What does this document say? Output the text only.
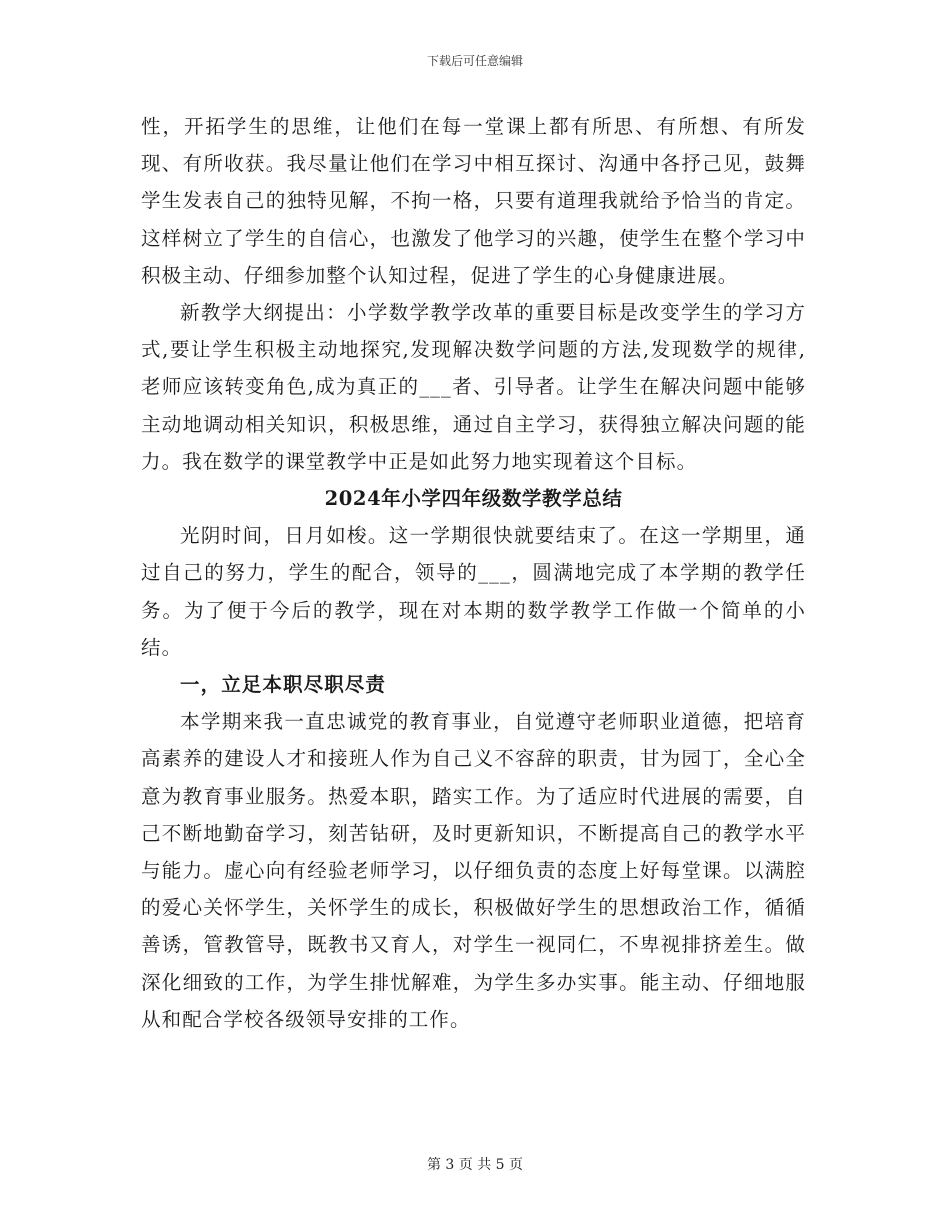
下载后可任意编辑

性，开拓学生的思维，让他们在每一堂课上都有所思、有所想、有所发现、有所收获。我尽量让他们在学习中相互探讨、沟通中各抒己见，鼓舞学生发表自己的独特见解，不拘一格，只要有道理我就给予恰当的肯定。这样树立了学生的自信心，也激发了他学习的兴趣，使学生在整个学习中积极主动、仔细参加整个认知过程，促进了学生的心身健康进展。

新教学大纲提出：小学数学教学改革的重要目标是改变学生的学习方式,要让学生积极主动地探究,发现解决数学问题的方法,发现数学的规律,老师应该转变角色,成为真正的___者、引导者。让学生在解决问题中能够主动地调动相关知识，积极思维，通过自主学习，获得独立解决问题的能力。我在数学的课堂教学中正是如此努力地实现着这个目标。

2024年小学四年级数学教学总结

光阴时间，日月如梭。这一学期很快就要结束了。在这一学期里，通过自己的努力，学生的配合，领导的___，圆满地完成了本学期的教学任务。为了便于今后的教学，现在对本期的数学教学工作做一个简单的小结。

一，立足本职尽职尽责

本学期来我一直忠诚党的教育事业，自觉遵守老师职业道德，把培育高素养的建设人才和接班人作为自己义不容辞的职责，甘为园丁，全心全意为教育事业服务。热爱本职，踏实工作。为了适应时代进展的需要，自己不断地勤奋学习，刻苦钻研，及时更新知识，不断提高自己的教学水平与能力。虚心向有经验老师学习，以仔细负责的态度上好每堂课。以满腔的爱心关怀学生，关怀学生的成长，积极做好学生的思想政治工作，循循善诱，管教管导，既教书又育人，对学生一视同仁，不卑视排挤差生。做深化细致的工作，为学生排忧解难，为学生多办实事。能主动、仔细地服从和配合学校各级领导安排的工作。

第 3 页 共 5 页
